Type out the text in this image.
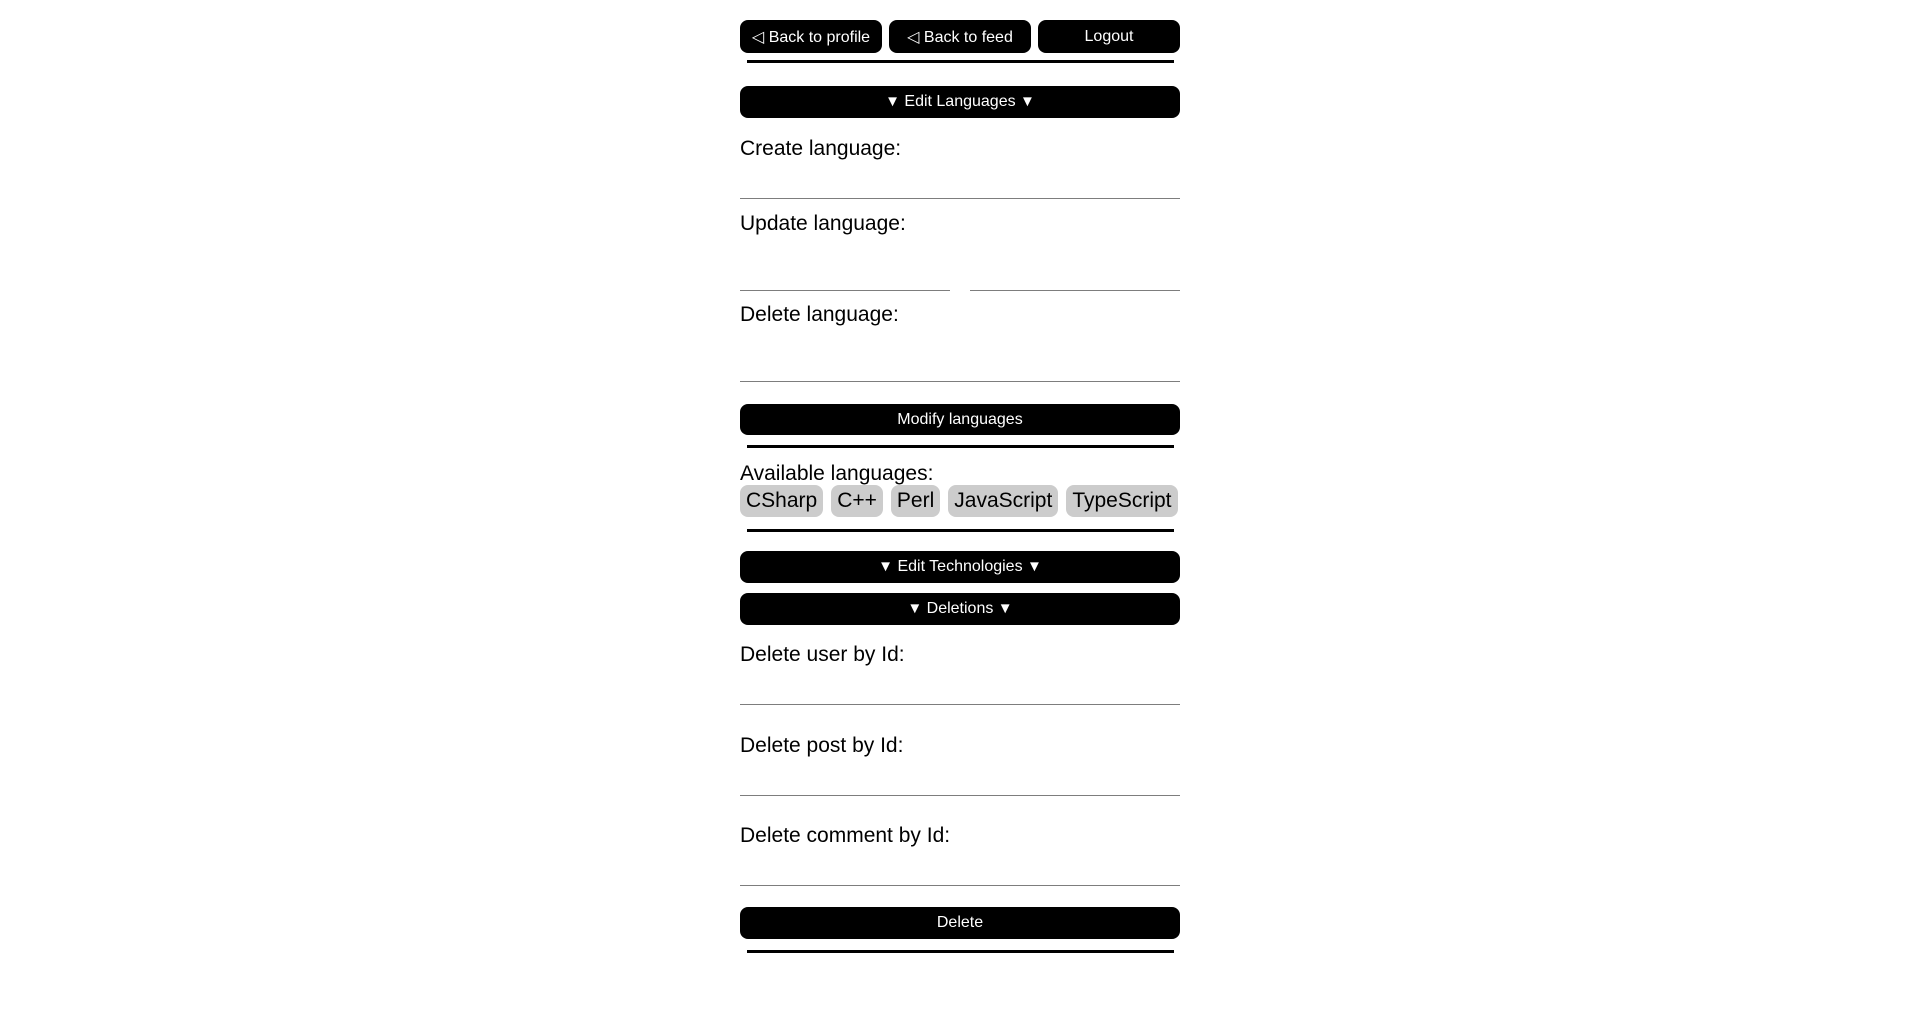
◁ Back to profile	◁ Back to feed	Logout
▼ Edit Languages ▼
Create language:
Update language:
Delete language:
Modify languages
Available languages:
CSharp C++ Perl JavaScript TypeScript
▼ Edit Technologies ▼
▼ Deletions ▼
Delete user by Id:
Delete post by Id:
Delete comment by Id:
Delete
